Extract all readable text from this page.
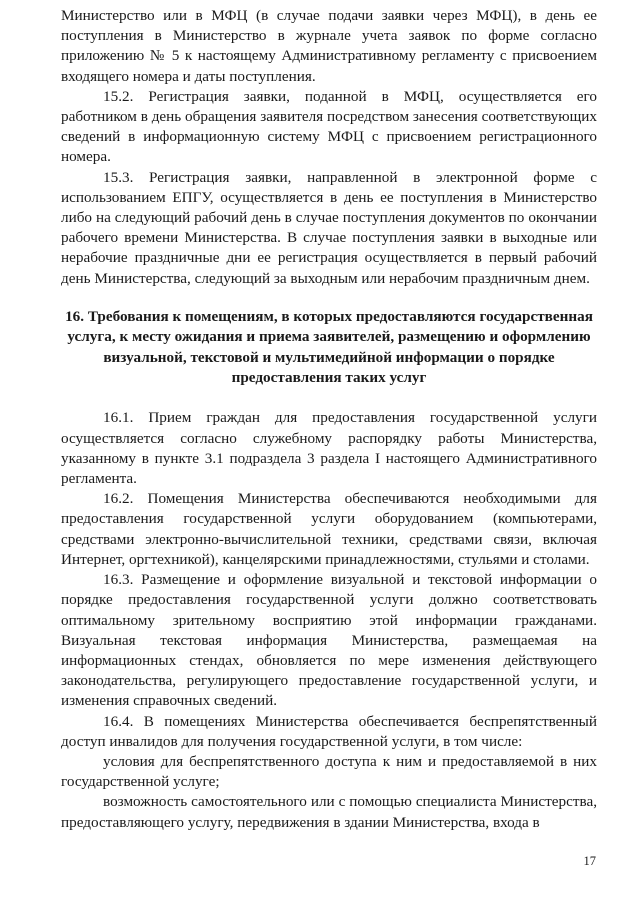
Министерство или в МФЦ (в случае подачи заявки через МФЦ), в день ее поступления в Министерство в журнале учета заявок по форме согласно приложению № 5 к настоящему Административному регламенту с присвоением входящего номера и даты поступления.

15.2. Регистрация заявки, поданной в МФЦ, осуществляется его работником в день обращения заявителя посредством занесения соответствующих сведений в информационную систему МФЦ с присвоением регистрационного номера.

15.3. Регистрация заявки, направленной в электронной форме с использованием ЕПГУ, осуществляется в день ее поступления в Министерство либо на следующий рабочий день в случае поступления документов по окончании рабочего времени Министерства. В случае поступления заявки в выходные или нерабочие праздничные дни ее регистрация осуществляется в первый рабочий день Министерства, следующий за выходным или нерабочим праздничным днем.

16. Требования к помещениям, в которых предоставляются государственная услуга, к месту ожидания и приема заявителей, размещению и оформлению визуальной, текстовой и мультимедийной информации о порядке предоставления таких услуг

16.1. Прием граждан для предоставления государственной услуги осуществляется согласно служебному распорядку работы Министерства, указанному в пункте 3.1 подраздела 3 раздела I настоящего Административного регламента.

16.2. Помещения Министерства обеспечиваются необходимыми для предоставления государственной услуги оборудованием (компьютерами, средствами электронно-вычислительной техники, средствами связи, включая Интернет, оргтехникой), канцелярскими принадлежностями, стульями и столами.

16.3. Размещение и оформление визуальной и текстовой информации о порядке предоставления государственной услуги должно соответствовать оптимальному зрительному восприятию этой информации гражданами. Визуальная текстовая информация Министерства, размещаемая на информационных стендах, обновляется по мере изменения действующего законодательства, регулирующего предоставление государственной услуги, и изменения справочных сведений.

16.4. В помещениях Министерства обеспечивается беспрепятственный доступ инвалидов для получения государственной услуги, в том числе:

условия для беспрепятственного доступа к ним и предоставляемой в них государственной услуге;

возможность самостоятельного или с помощью специалиста Министерства, предоставляющего услугу, передвижения в здании Министерства, входа в

17
